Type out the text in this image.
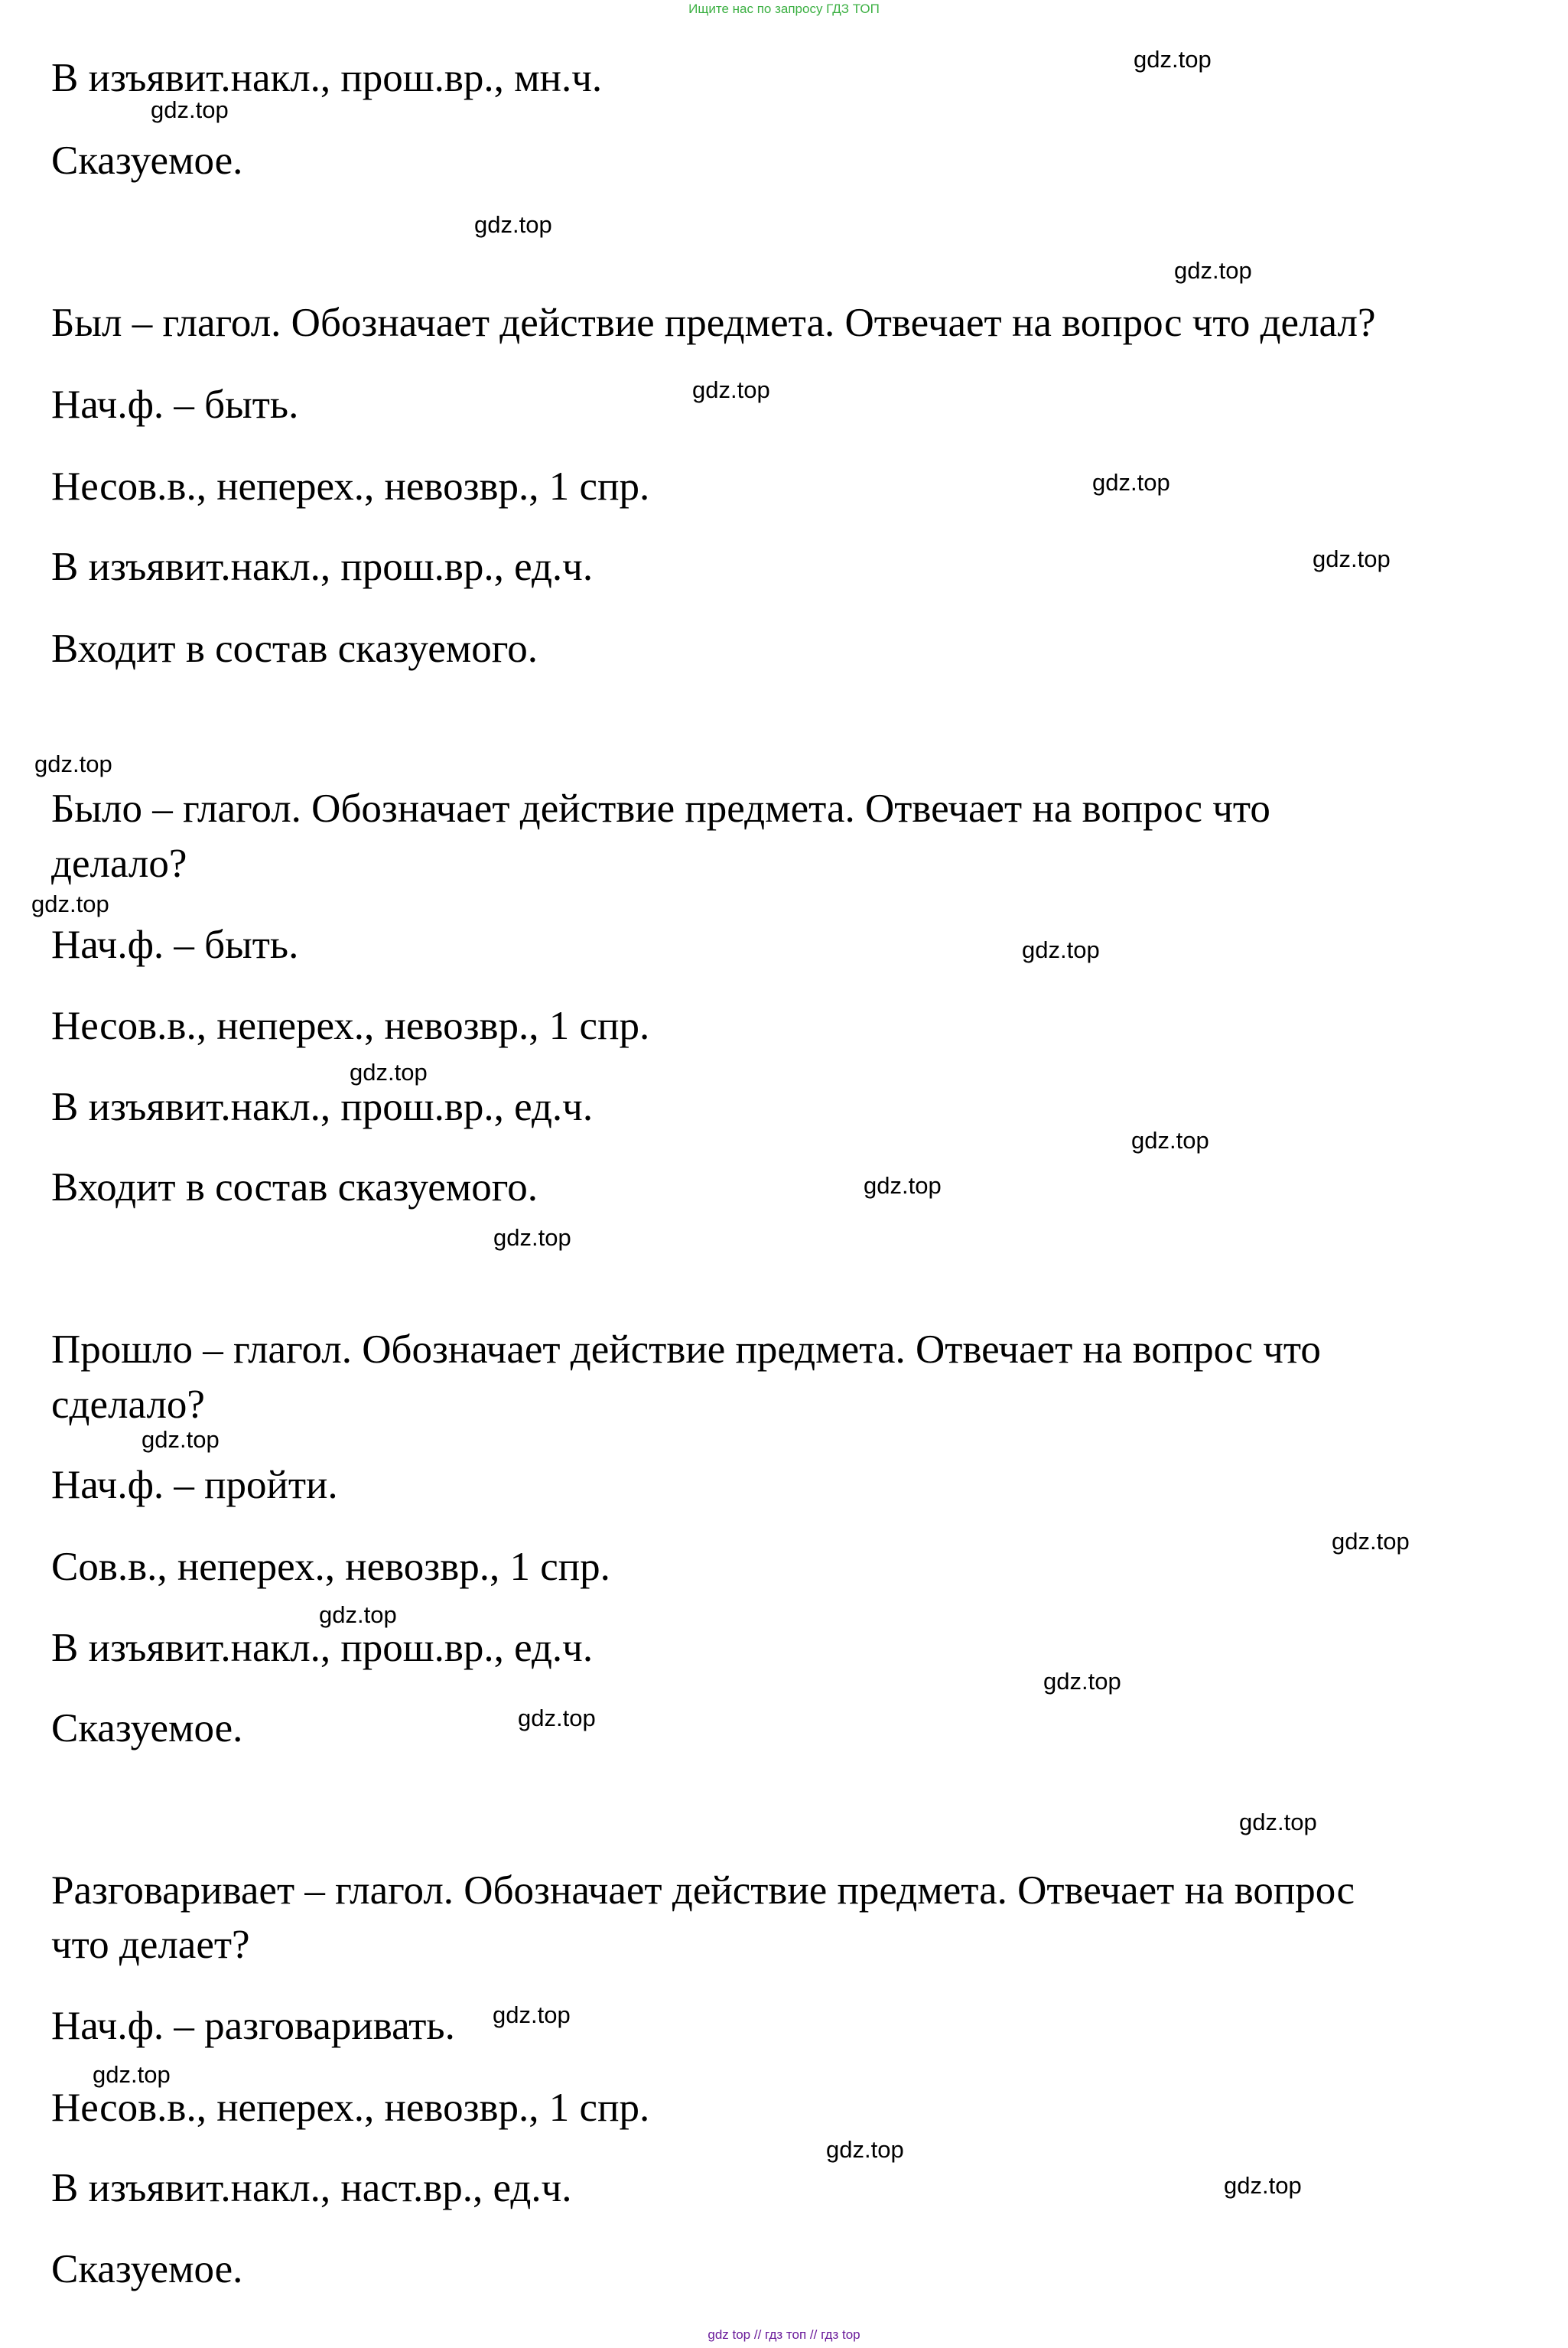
Ищите нас по запросу ГДЗ ТОП

В изъявит.накл., прош.вр., мн.ч.

Сказуемое.

Был – глагол. Обозначает действие предмета. Отвечает на вопрос что делал?

Нач.ф. – быть.

Несов.в., неперех., невозвр., 1 спр.

В изъявит.накл., прош.вр., ед.ч.

Входит в состав сказуемого.

Было – глагол. Обозначает действие предмета. Отвечает на вопрос что

делало?

Нач.ф. – быть.

Несов.в., неперех., невозвр., 1 спр.

В изъявит.накл., прош.вр., ед.ч.

Входит в состав сказуемого.

Прошло – глагол. Обозначает действие предмета. Отвечает на вопрос что

сделало?

Нач.ф. – пройти.

Сов.в., неперех., невозвр., 1 спр.

В изъявит.накл., прош.вр., ед.ч.

Сказуемое.

Разговаривает – глагол. Обозначает действие предмета. Отвечает на вопрос

что делает?

Нач.ф. – разговаривать.

Несов.в., неперех., невозвр., 1 спр.

В изъявит.накл., наст.вр., ед.ч.

Сказуемое.

gdz.top
gdz.top
gdz.top
gdz.top
gdz.top
gdz.top
gdz.top
gdz.top
gdz.top
gdz.top
gdz.top
gdz.top
gdz.top
gdz.top
gdz.top
gdz.top
gdz.top
gdz.top
gdz.top
gdz.top
gdz.top
gdz.top
gdz.top
gdz.top
gdz top // гдз топ // гдз top
